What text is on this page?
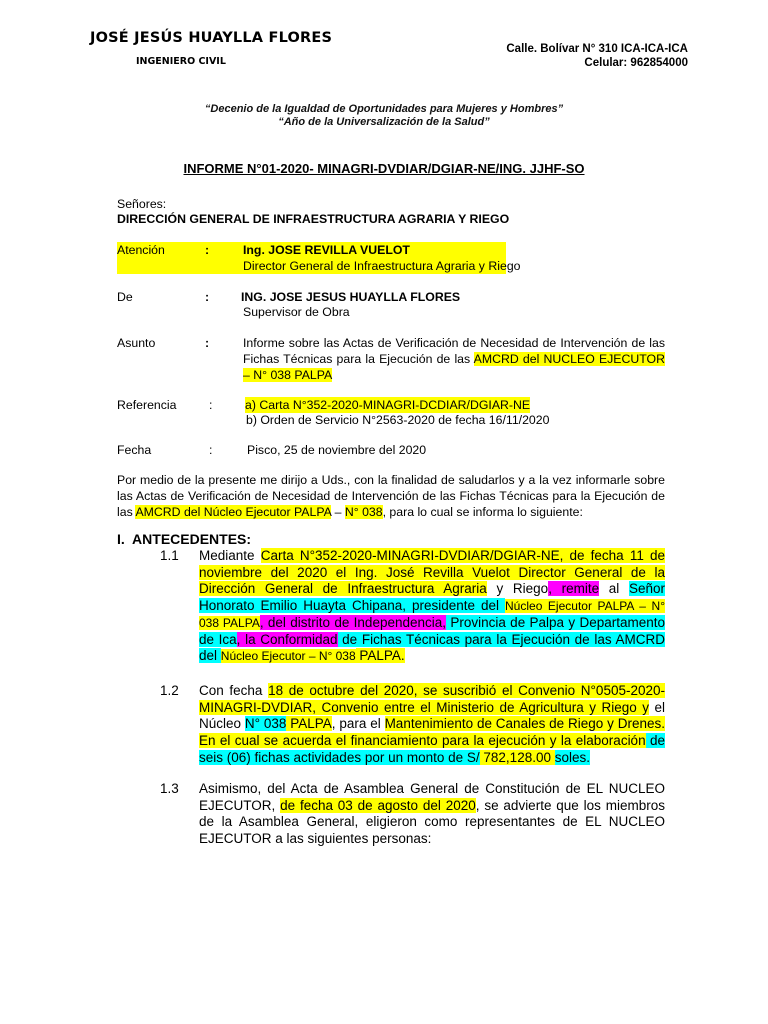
JOSÉ JESÚS HUAYLLA FLORES
INGENIERO CIVIL
Calle. Bolívar N° 310 ICA-ICA-ICA
Celular: 962854000
“Decenio de la Igualdad de Oportunidades para Mujeres y Hombres”
“Año de la Universalización de la Salud”
INFORME N°01-2020- MINAGRI-DVDIAR/DGIAR-NE/ING. JJHF-SO
Señores:
DIRECCIÓN GENERAL DE INFRAESTRUCTURA AGRARIA Y RIEGO
Atención	:	Ing. JOSE REVILLA VUELOT
Director General de Infraestructura Agraria y Riego
De	:	ING. JOSE JESUS HUAYLLA FLORES
Supervisor de Obra
Asunto	:	Informe sobre las Actas de Verificación de Necesidad de Intervención de las Fichas Técnicas para la Ejecución de las AMCRD del NUCLEO EJECUTOR – N° 038 PALPA
Referencia	:	a) Carta N°352-2020-MINAGRI-DCDIAR/DGIAR-NE
b) Orden de Servicio N°2563-2020 de fecha 16/11/2020
Fecha	:	Pisco, 25 de noviembre del 2020
Por medio de la presente me dirijo a Uds., con la finalidad de saludarlos y a la vez informarle sobre las Actas de Verificación de Necesidad de Intervención de las Fichas Técnicas para la Ejecución de las AMCRD del Núcleo Ejecutor PALPA – N° 038, para lo cual se informa lo siguiente:
I. ANTECEDENTES:
1.1 Mediante Carta N°352-2020-MINAGRI-DVDIAR/DGIAR-NE, de fecha 11 de noviembre del 2020 el Ing. José Revilla Vuelot Director General de la Dirección General de Infraestructura Agraria y Riego, remite al Señor Honorato Emilio Huayta Chipana, presidente del Núcleo Ejecutor PALPA – N° 038 PALPA, del distrito de Independencia, Provincia de Palpa y Departamento de Ica, la Conformidad de Fichas Técnicas para la Ejecución de las AMCRD del Núcleo Ejecutor – N° 038 PALPA.
1.2 Con fecha 18 de octubre del 2020, se suscribió el Convenio N°0505-2020-MINAGRI-DVDIAR, Convenio entre el Ministerio de Agricultura y Riego y el Núcleo N° 038 PALPA, para el Mantenimiento de Canales de Riego y Drenes. En el cual se acuerda el financiamiento para la ejecución y la elaboración de seis (06) fichas actividades por un monto de S/ 782,128.00 soles.
1.3 Asimismo, del Acta de Asamblea General de Constitución de EL NUCLEO EJECUTOR, de fecha 03 de agosto del 2020, se advierte que los miembros de la Asamblea General, eligieron como representantes de EL NUCLEO EJECUTOR a las siguientes personas:
